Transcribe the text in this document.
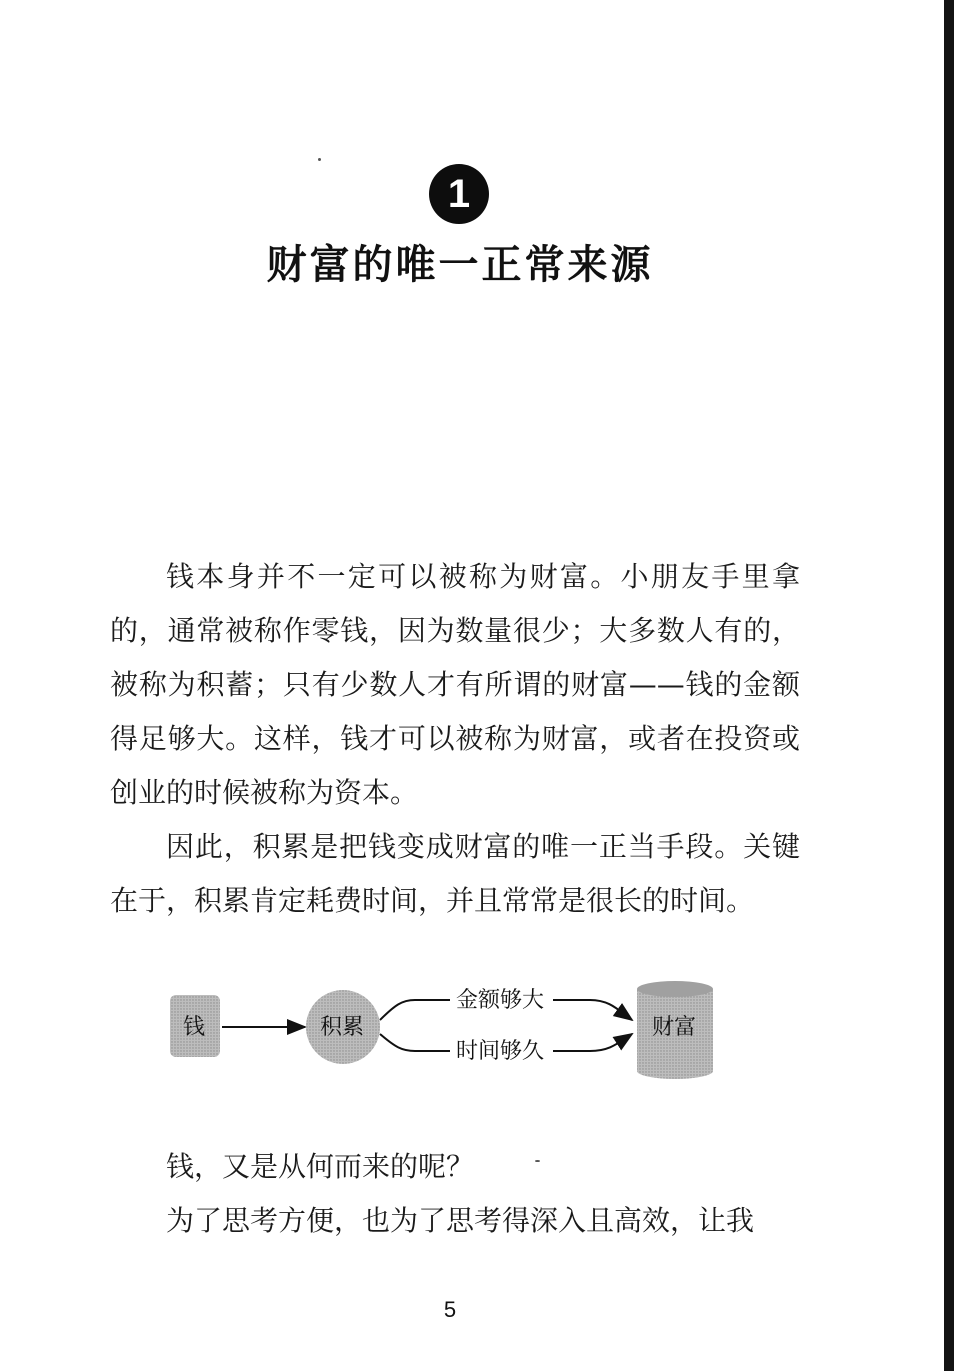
1
财富的唯一正常来源

钱本身并不一定可以被称为财富。小朋友手里拿的，通常被称作零钱，因为数量很少；大多数人有的，被称为积蓄；只有少数人才有所谓的财富——钱的金额得足够大。这样，钱才可以被称为财富，或者在投资或创业的时候被称为资本。

因此，积累是把钱变成财富的唯一正当手段。关键在于，积累肯定耗费时间，并且常常是很长的时间。

钱	积累
金额够大
时间够久
财富

钱，又是从何而来的呢？

为了思考方便，也为了思考得深入且高效，让我

5
